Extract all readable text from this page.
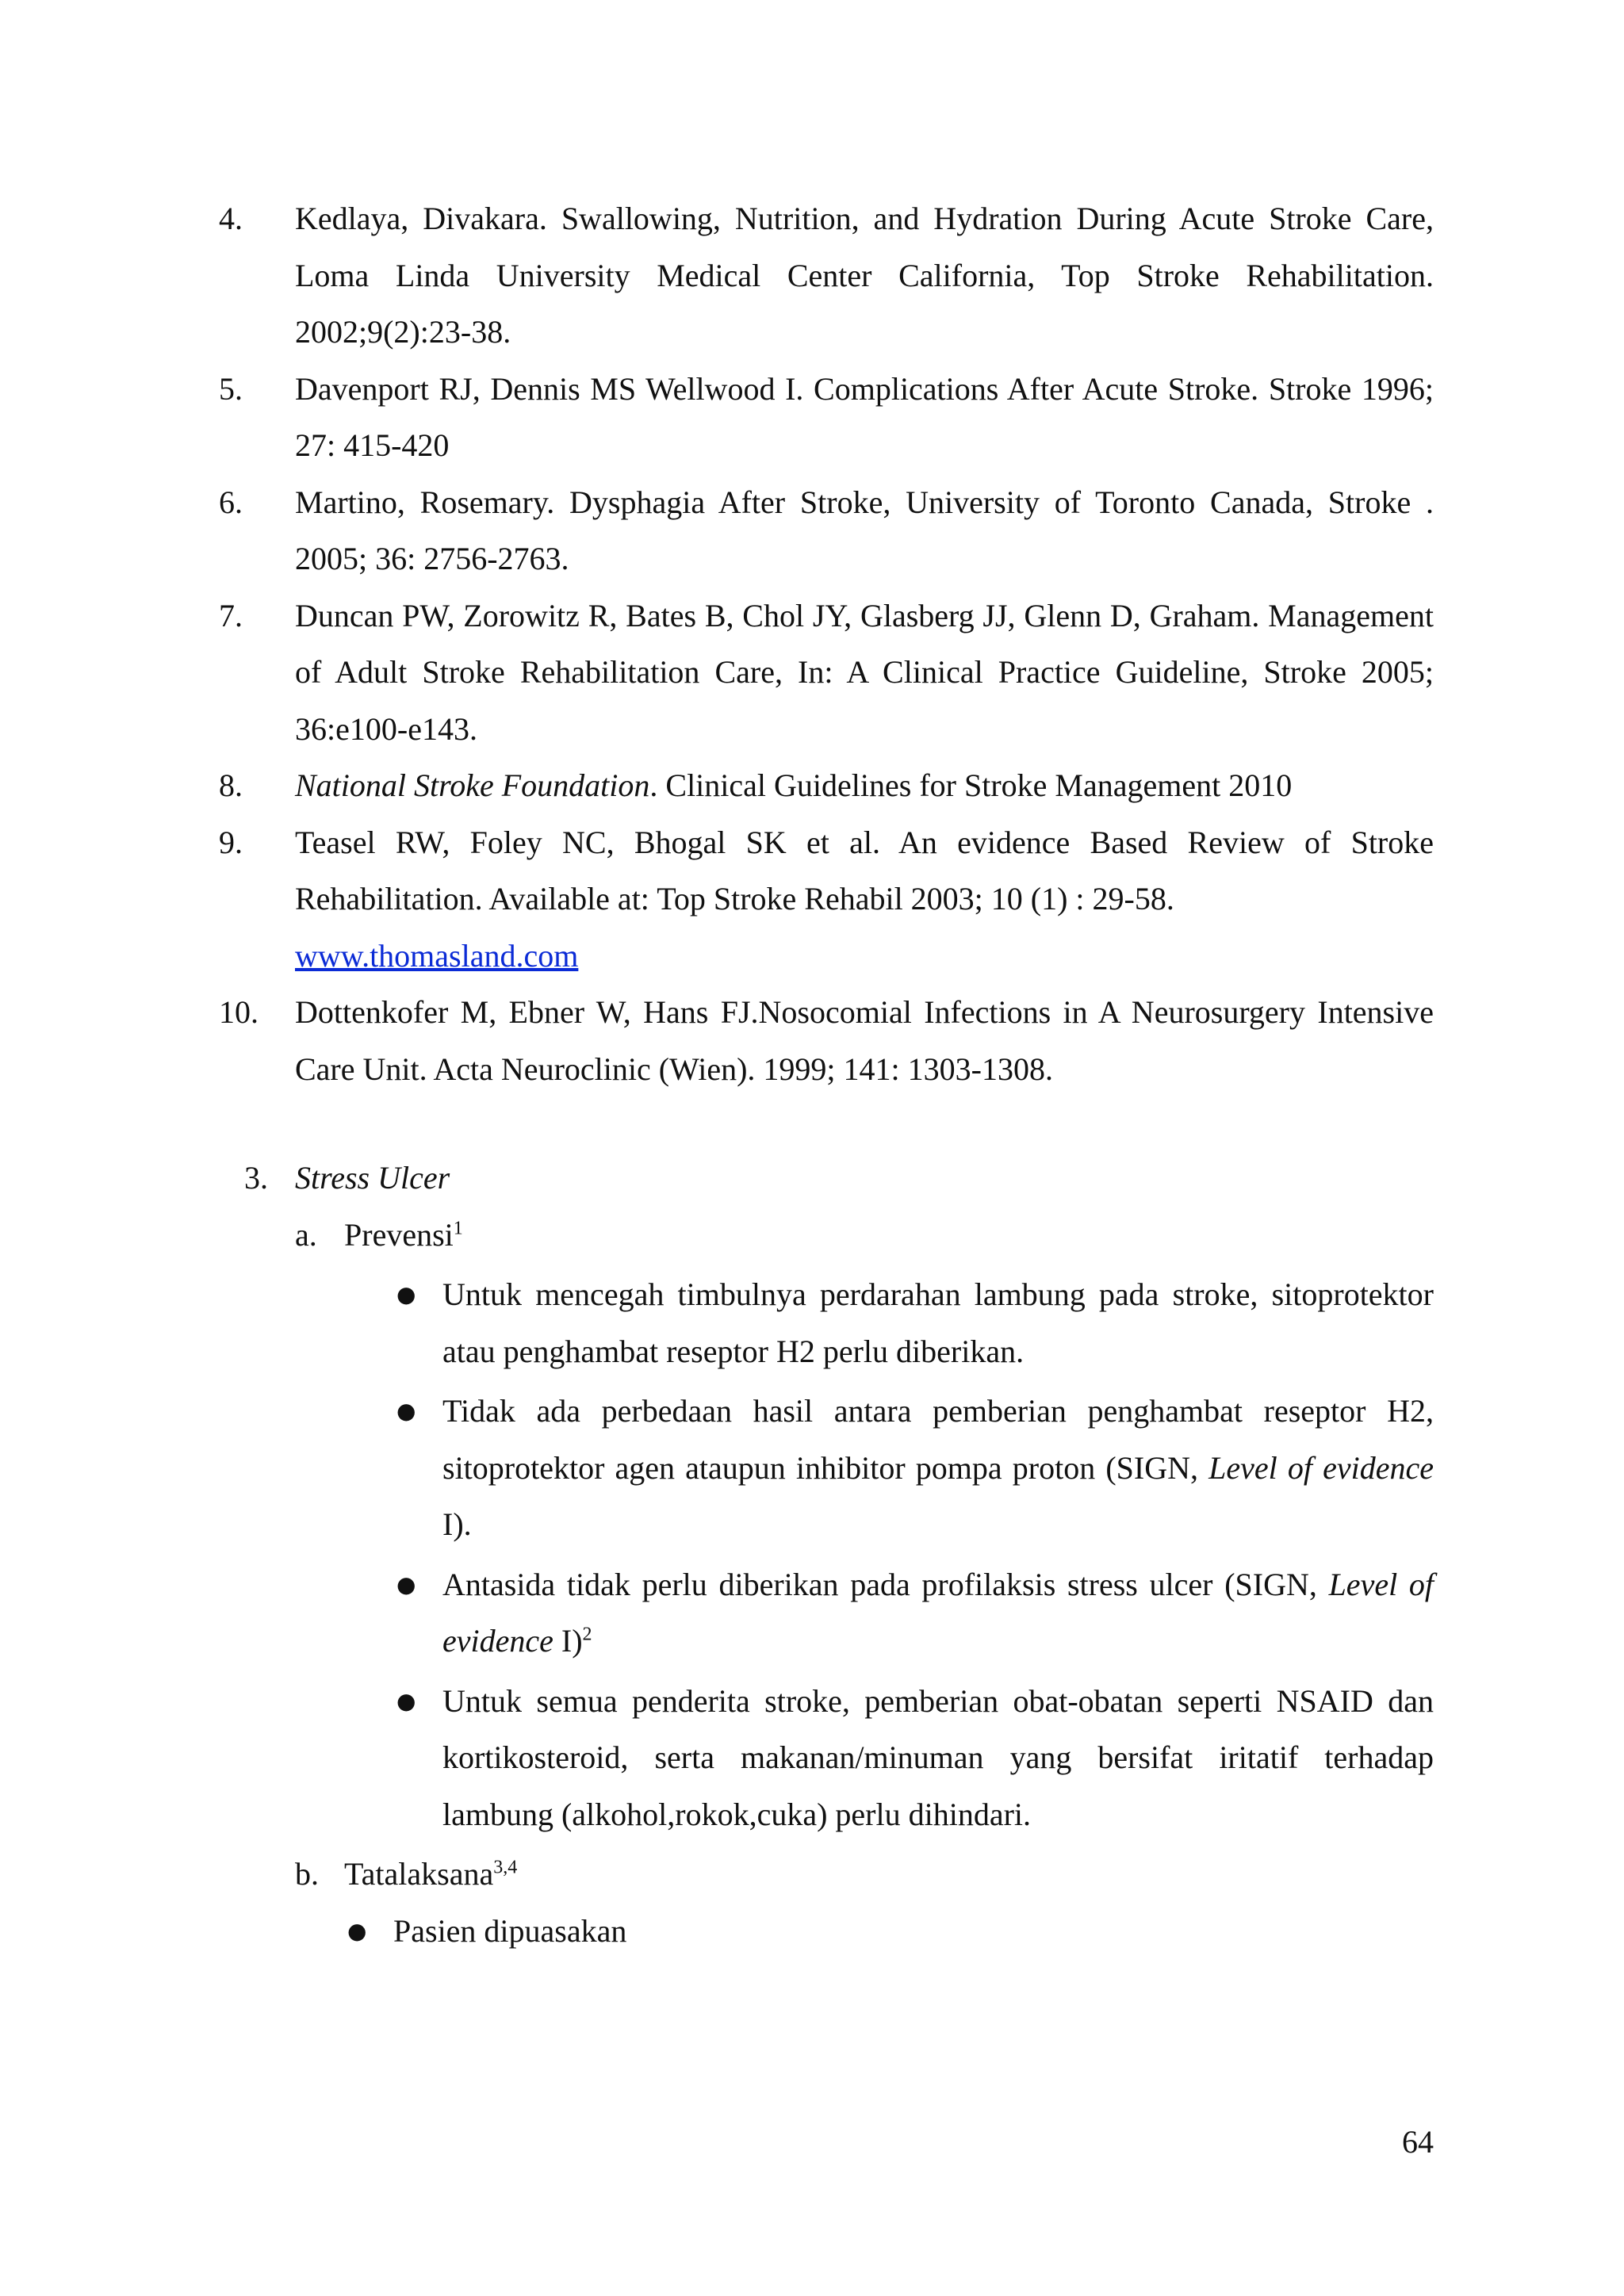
4. Kedlaya, Divakara. Swallowing, Nutrition, and Hydration During Acute Stroke Care, Loma Linda University Medical Center California, Top Stroke Rehabilitation. 2002;9(2):23-38.
5. Davenport RJ, Dennis MS Wellwood I. Complications After Acute Stroke. Stroke 1996; 27: 415-420
6. Martino, Rosemary. Dysphagia After Stroke, University of Toronto Canada, Stroke . 2005; 36: 2756-2763.
7. Duncan PW, Zorowitz R, Bates B, Chol JY, Glasberg JJ, Glenn D, Graham. Management of Adult Stroke Rehabilitation Care, In: A Clinical Practice Guideline, Stroke 2005; 36:e100-e143.
8. National Stroke Foundation. Clinical Guidelines for Stroke Management 2010
9. Teasel RW, Foley NC, Bhogal SK et al. An evidence Based Review of Stroke Rehabilitation. Available at: Top Stroke Rehabil 2003; 10 (1) : 29-58.
www.thomasland.com
10. Dottenkofer M, Ebner W, Hans FJ.Nosocomial Infections in A Neurosurgery Intensive Care Unit. Acta Neuroclinic (Wien). 1999; 141: 1303-1308.
3. Stress Ulcer
a. Prevensi$^1$
● Untuk mencegah timbulnya perdarahan lambung pada stroke, sitoprotektor atau penghambat reseptor H2 perlu diberikan.
● Tidak ada perbedaan hasil antara pemberian penghambat reseptor H2, sitoprotektor agen ataupun inhibitor pompa proton (SIGN, Level of evidence I).
● Antasida tidak perlu diberikan pada profilaksis stress ulcer (SIGN, Level of evidence I)$^2$
● Untuk semua penderita stroke, pemberian obat-obatan seperti NSAID dan kortikosteroid, serta makanan/minuman yang bersifat iritatif terhadap lambung (alkohol,rokok,cuka) perlu dihindari.
b. Tatalaksana$^{3,4}$
● Pasien dipuasakan
64
